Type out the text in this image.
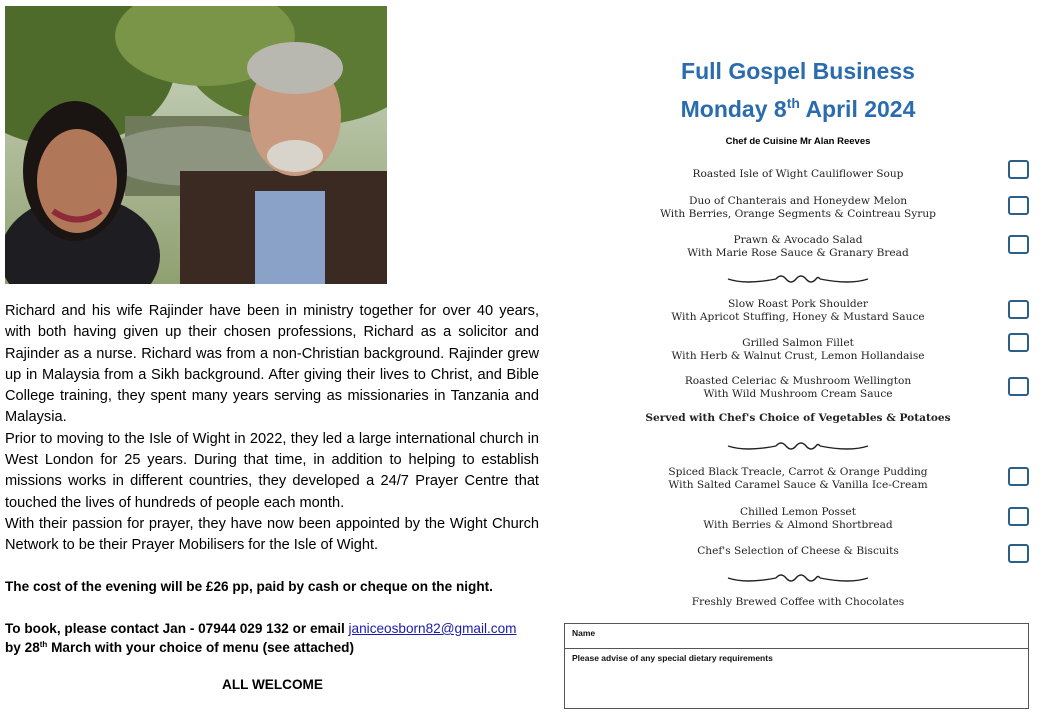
Richard and his wife Rajinder have been in ministry together for over 40 years, with both having given up their chosen professions, Richard as a solicitor and Rajinder as a nurse. Richard was from a non-Christian background. Rajinder grew up in Malaysia from a Sikh background. After giving their lives to Christ, and Bible College training, they spent many years serving as missionaries in Tanzania and Malaysia.

Prior to moving to the Isle of Wight in 2022, they led a large international church in West London for 25 years. During that time, in addition to helping to establish missions works in different countries, they developed a 24/7 Prayer Centre that touched the lives of hundreds of people each month.

With their passion for prayer, they have now been appointed by the Wight Church Network to be their Prayer Mobilisers for the Isle of Wight.

The cost of the evening will be £26 pp, paid by cash or cheque on the night.
To book, please contact Jan - 07944 029 132 or email janiceosborn82@gmail.com
by 28th March with your choice of menu (see attached)
ALL WELCOME
Full Gospel Business
Monday 8th April 2024
Chef de Cuisine Mr Alan Reeves
Roasted Isle of Wight Cauliflower Soup
Duo of Chanterais and Honeydew Melon
With Berries, Orange Segments & Cointreau Syrup
Prawn & Avocado Salad
With Marie Rose Sauce & Granary Bread
Slow Roast Pork Shoulder
With Apricot Stuffing, Honey & Mustard Sauce
Grilled Salmon Fillet
With Herb & Walnut Crust, Lemon Hollandaise
Roasted Celeriac & Mushroom Wellington
With Wild Mushroom Cream Sauce
Served with Chef's Choice of Vegetables & Potatoes
Spiced Black Treacle, Carrot & Orange Pudding
With Salted Caramel Sauce & Vanilla Ice-Cream
Chilled Lemon Posset
With Berries & Almond Shortbread
Chef's Selection of Cheese & Biscuits
Freshly Brewed Coffee with Chocolates
Name
Please advise of any special dietary requirements
